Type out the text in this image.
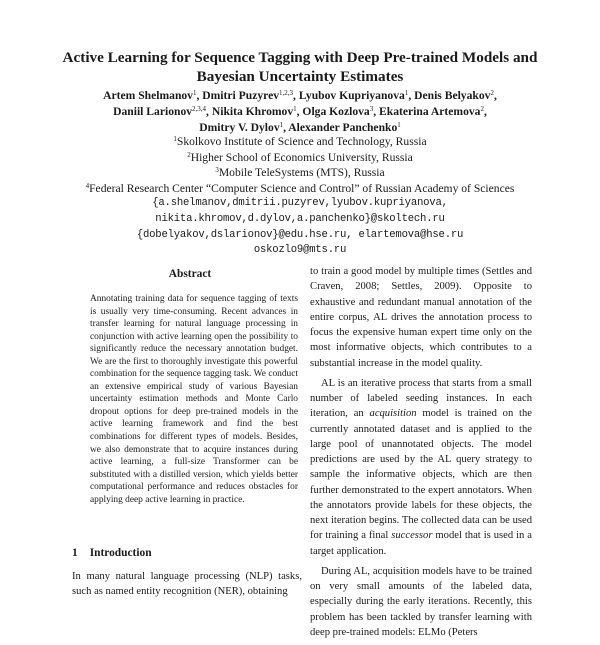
Active Learning for Sequence Tagging with Deep Pre-trained Models and Bayesian Uncertainty Estimates
Artem Shelmanov$^1$, Dmitri Puzyrev$^{1,2,3}$, Lyubov Kupriyanova$^1$, Denis Belyakov$^2$,
Daniil Larionov$^{2,3,4}$, Nikita Khromov$^1$, Olga Kozlova$^3$, Ekaterina Artemova$^2$,
Dmitry V. Dylov$^1$, Alexander Panchenko$^1$
$^1$Skolkovo Institute of Science and Technology, Russia
$^2$Higher School of Economics University, Russia
$^3$Mobile TeleSystems (MTS), Russia
$^4$Federal Research Center “Computer Science and Control” of Russian Academy of Sciences
{a.shelmanov,dmitrii.puzyrev,lyubov.kupriyanova,
nikita.khromov,d.dylov,a.panchenko}@skoltech.ru
{dobelyakov,dslarionov}@edu.hse.ru, elartemova@hse.ru
oskozlo9@mts.ru
Abstract
Annotating training data for sequence tagging of texts is usually very time-consuming. Recent advances in transfer learning for natural language processing in conjunction with active learning open the possibility to significantly reduce the necessary annotation budget. We are the first to thoroughly investigate this powerful combination for the sequence tagging task. We conduct an extensive empirical study of various Bayesian uncertainty estimation methods and Monte Carlo dropout options for deep pre-trained models in the active learning framework and find the best combinations for different types of models. Besides, we also demonstrate that to acquire instances during active learning, a full-size Transformer can be substituted with a distilled version, which yields better computational performance and reduces obstacles for applying deep active learning in practice.
1 Introduction
In many natural language processing (NLP) tasks, such as named entity recognition (NER), obtaining

to train a good model by multiple times (Settles and Craven, 2008; Settles, 2009). Opposite to exhaustive and redundant manual annotation of the entire corpus, AL drives the annotation process to focus the expensive human expert time only on the most informative objects, which contributes to a substantial increase in the model quality.

AL is an iterative process that starts from a small number of labeled seeding instances. In each iteration, an acquisition model is trained on the currently annotated dataset and is applied to the large pool of unannotated objects. The model predictions are used by the AL query strategy to sample the informative objects, which are then further demonstrated to the expert annotators. When the annotators provide labels for these objects, the next iteration begins. The collected data can be used for training a final successor model that is used in a target application.

During AL, acquisition models have to be trained on very small amounts of the labeled data, especially during the early iterations. Recently, this problem has been tackled by transfer learning with deep pre-trained models: ELMo (Peters
